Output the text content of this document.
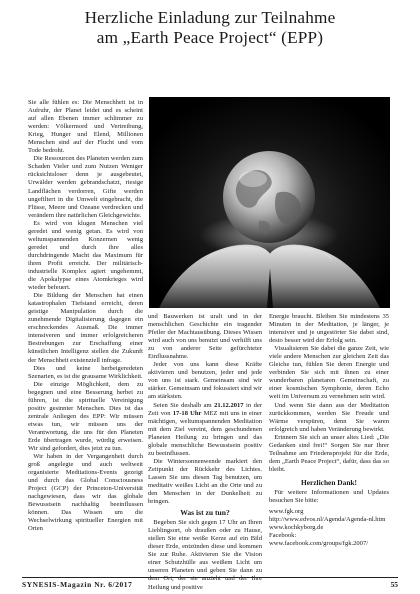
Herzliche Einladung zur Teilnahme
am „Earth Peace Project“ (EPP)

Sie alle fühlen es: Die Menschheit ist in Aufruhr, der Planet leidet und es scheint auf allen Ebenen immer schlimmer zu werden: Völkermord und Vertreibung, Krieg, Hunger und Elend, Millionen Menschen sind auf der Flucht und vom Tode bedroht.

Die Ressourcen des Planeten werden zum Schaden Vieler und zum Nutzen Weniger rücksichtsloser denn je ausgebeutet, Urwälder werden gebrandschatzt, riesige Landflächen verdorren, Gifte werden ungefiltert in die Umwelt eingebracht, die Flüsse, Meere und Ozeane verdrecken und verändern ihre natürlichen Gleichgewichte.

Es wird von klugen Menschen viel geredet und wenig getan. Es wird von weltumspannenden Konzernen wenig geredet und durch ihre alles durchdringende Macht das Maximum für ihren Profit erreicht. Der militärisch-industrielle Komplex agiert ungehemmt, die Apokalypse eines Atomkrieges wird wieder befeuert.

Die Bildung der Menschen hat einen katastrophalen Tiefstand erreicht, deren geistige Manipulation durch die zunehmende Digitalisierung dagegen ein erschreckendes Ausmaß. Die immer intensiveren und immer erfolgreicheren Bestrebungen zur Erschaffung einer künstlichen Intelligenz stellen die Zukunft der Menschheit existenziell infrage.

Dies und keine herbeigeredeten Szenarien, es ist die grausame Wirklichkeit.

Die einzige Möglichkeit, dem zu begegnen und eine Besserung herbei zu führen, ist die spirituelle Vereinigung positiv gesinnter Menschen. Dies ist das zentrale Anliegen des EPP: Wir müssen etwas tun, wir müssen uns der Verantwortung, die uns für den Planeten Erde übertragen wurde, würdig erweisen. Wir sind gefordert, dies jetzt zu tun.

Wir haben in der Vergangenheit durch groß angelegte und auch weltweit organisierte Meditations-Events gezeigt und durch das Global Consciousness Project (GCP) der Princeton-Universität nachgewiesen, dass wir das globale Bewusstsein nachhaltig beeinflussen können. Das Wissen um die Wechselwirkung spiritueller Energien mit Orten

und Bauwerken ist uralt und in der menschlichen Geschichte ein tragender Pfeiler der Machtausübung. Dieses Wissen wird auch von uns benutzt und verhilft uns zu von anderer Seite gefürchteter Einflussnahme.

Jeder von uns kann diese Kräfte aktivieren und benutzen, jeder und jede von uns ist stark. Gemeinsam sind wir stärker. Gemeinsam und fokussiert sind wir am stärksten.

Seien Sie deshalb am 21.12.2017 in der Zeit von 17-18 Uhr MEZ mit uns in einer mächtigen, weltumspannenden Meditation mit dem Ziel vereint, dem geschundenen Planeten Heilung zu bringen und das globale menschliche Bewusstsein positiv zu beeinflussen.

Die Wintersonnenwende markiert den Zeitpunkt der Rückkehr des Lichtes. Lassen Sie uns diesen Tag benutzen, um meditativ weißes Licht an die Orte und zu den Menschen in der Dunkelheit zu bringen.

Was ist zu tun?

Begeben Sie sich gegen 17 Uhr an Ihren Lieblingsort, ob draußen oder zu Hause, stellen Sie eine weiße Kerze auf ein Bild dieser Erde, entzünden diese und kommen Sie zur Ruhe. Aktivieren Sie die Vision einer Schutzhülle aus weißem Licht um unseren Planeten und geben Sie dann zu dem Ort, der sie anzieht und der Ihre Heilung und positive

Energie braucht. Bleiben Sie mindestens 35 Minuten in der Meditation, je länger, je intensiver und je ungestörter Sie dabei sind, desto besser wird der Erfolg sein.

Visualisieren Sie dabei die ganze Zeit, wie viele andere Menschen zur gleichen Zeit das Gleiche tun, fühlen Sie deren Energie und verbinden Sie sich mit ihnen zu einer wunderbaren planetaren Gemeinschaft, zu einer kosmischen Symphonie, deren Echo weit im Universum zu vernehmen sein wird.

Und wenn Sie dann aus der Meditation zurückkommen, werden Sie Freude und Wärme verspüren, denn Sie waren erfolgreich und haben Veränderung bewirkt.

Erinnern Sie sich an unser altes Lied: „Die Gedanken sind frei!“ Sorgen Sie nur Ihrer Teilnahme am Friedensprojekt für die Erde, dem „Earth Peace Project“, dafür, dass das so bleibt.

Herzlichen Dank!

Für weitere Informationen und Updates besuchen Sie bitte:

www.fgk.org
http://www.edvos.nl/Agenda/Agenda-nl.htm
www.kochkyborg.de
Facebook:
www.facebook.com/groups/fgk.2007/
SYNESIS-Magazin Nr. 6/2017	55
